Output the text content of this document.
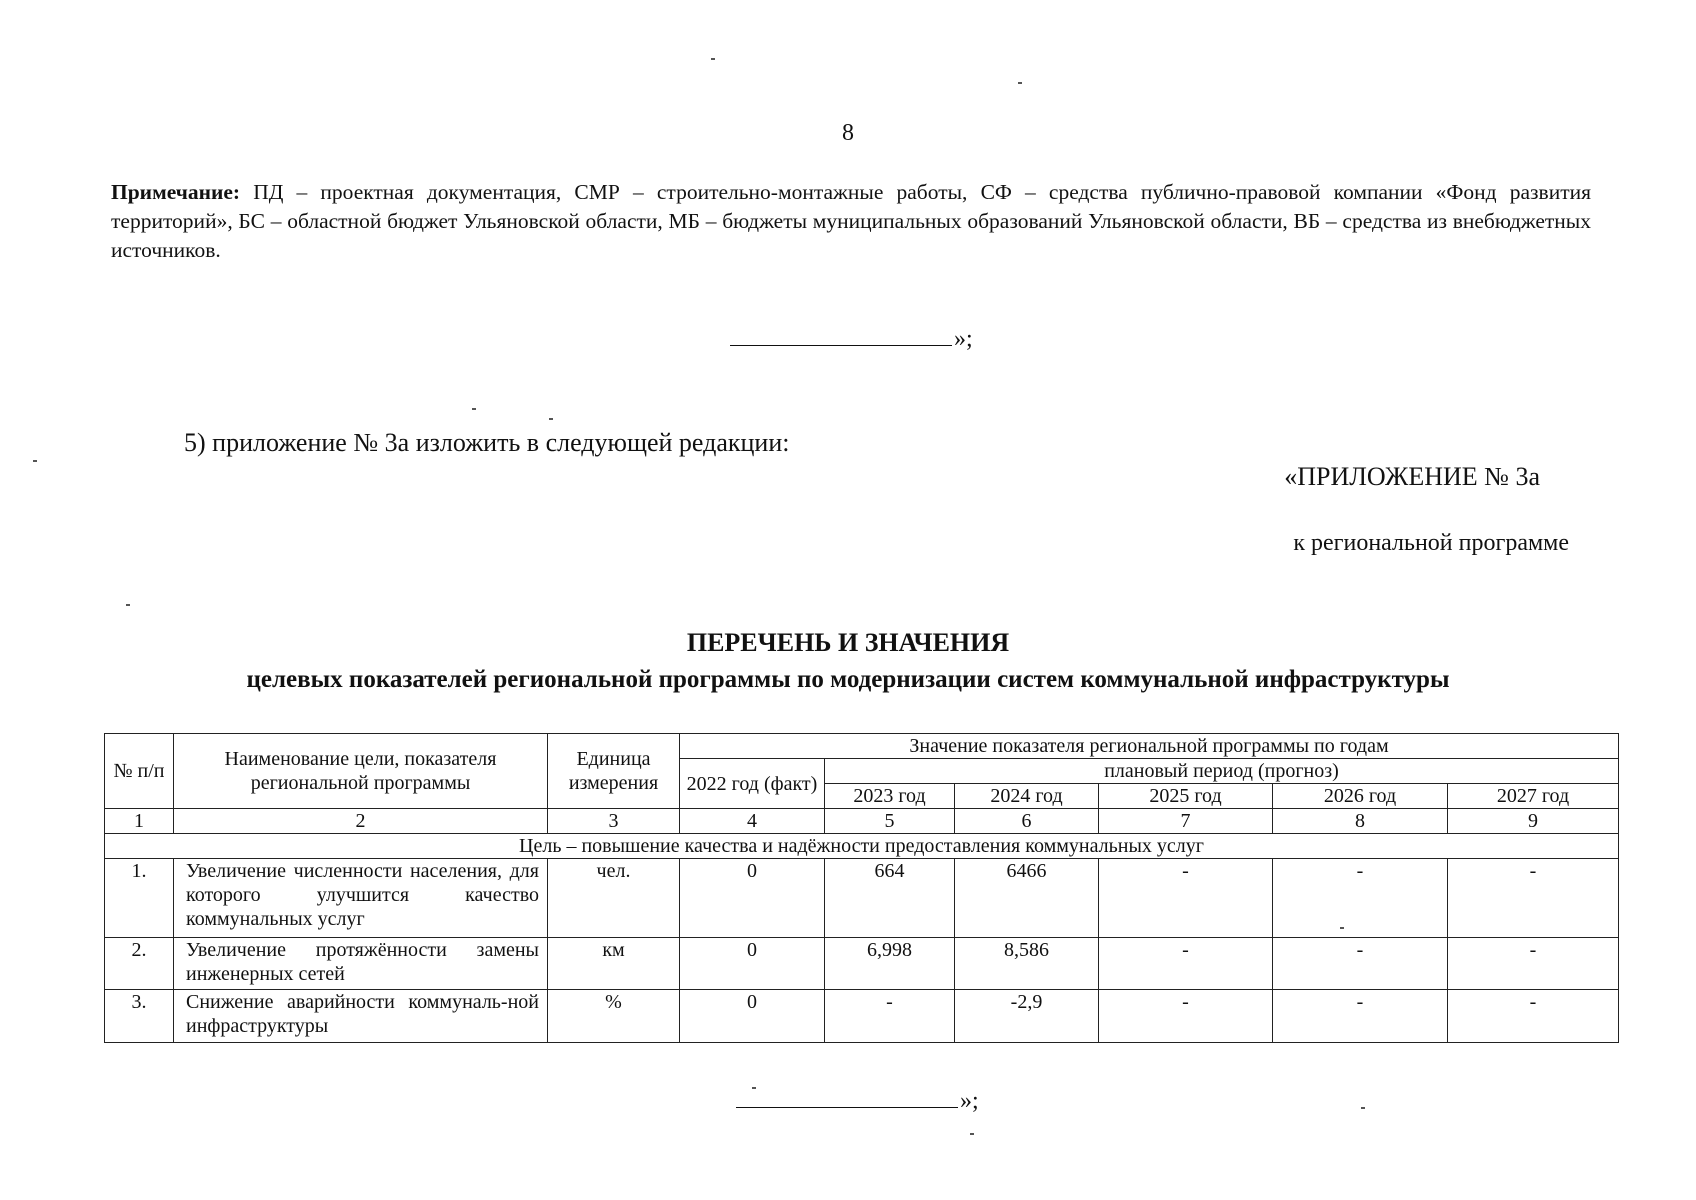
8
Примечание: ПД – проектная документация, СМР – строительно-монтажные работы, СФ – средства публично-правовой компании «Фонд развития территорий», БС – областной бюджет Ульяновской области, МБ – бюджеты муниципальных образований Ульяновской области, ВБ – средства из внебюджетных источников.
»;
5) приложение № 3а изложить в следующей редакции:
«ПРИЛОЖЕНИЕ № 3а
к региональной программе
ПЕРЕЧЕНЬ И ЗНАЧЕНИЯ
целевых показателей региональной программы по модернизации систем коммунальной инфраструктуры
№ п/п	Наименование цели, показателя региональной программы	Единица измерения	Значение показателя региональной программы по годам					
			2022 год (факт)	плановый период (прогноз)				
				2023 год	2024 год	2025 год	2026 год	2027 год
1	2	3	4	5	6	7	8	9
Цель – повышение качества и надёжности предоставления коммунальных услуг								
1.	Увеличение численности населения, для которого улучшится качество коммунальных услуг	чел.	0	664	6466	-	-	-
2.	Увеличение протяжённости замены инженерных сетей	км	0	6,998	8,586	-	-	-
3.	Снижение аварийности коммуналь-ной инфраструктуры	%	0	-	-2,9	-	-	-
»;
